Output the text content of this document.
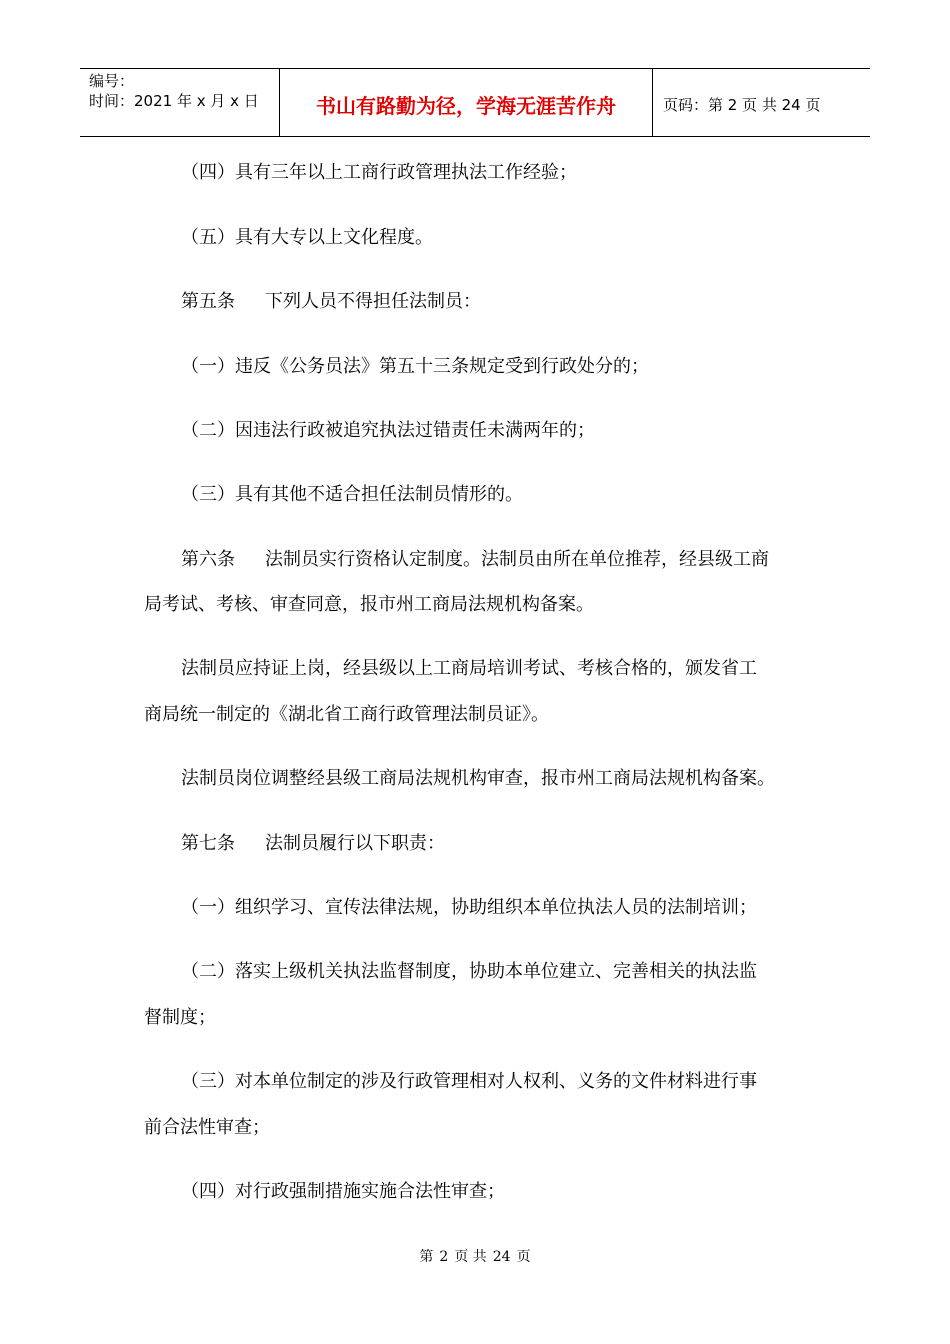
编号：
时间：2021 年 x 月 x 日	书山有路勤为径，学海无涯苦作舟	页码：第 2 页 共 24 页
（四）具有三年以上工商行政管理执法工作经验；
（五）具有大专以上文化程度。
第五条 下列人员不得担任法制员：
（一）违反《公务员法》第五十三条规定受到行政处分的；
（二）因违法行政被追究执法过错责任未满两年的；
（三）具有其他不适合担任法制员情形的。
第六条 法制员实行资格认定制度。法制员由所在单位推荐，经县级工商
局考试、考核、审查同意，报市州工商局法规机构备案。
法制员应持证上岗，经县级以上工商局培训考试、考核合格的，颁发省工
商局统一制定的《湖北省工商行政管理法制员证》。
法制员岗位调整经县级工商局法规机构审查，报市州工商局法规机构备案。
第七条 法制员履行以下职责：
（一）组织学习、宣传法律法规，协助组织本单位执法人员的法制培训；
（二）落实上级机关执法监督制度，协助本单位建立、完善相关的执法监
督制度；
（三）对本单位制定的涉及行政管理相对人权利、义务的文件材料进行事
前合法性审查；
（四）对行政强制措施实施合法性审查；
第 2 页 共 24 页
